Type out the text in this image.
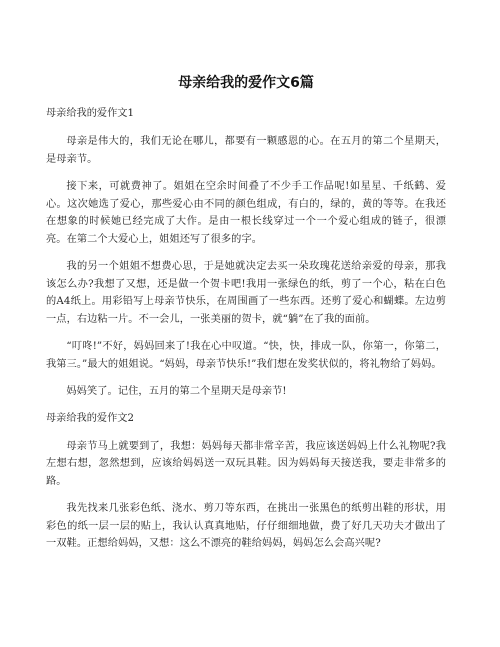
母亲给我的爱作文6篇

母亲给我的爱作文1

母亲是伟大的，我们无论在哪儿，都要有一颗感恩的心。在五月的第二个星期天，是母亲节。

接下来，可就费神了。姐姐在空余时间叠了不少手工作品呢!如星星、千纸鹤、爱心。这次她选了爱心，那些爱心由不同的颜色组成，有白的，绿的，黄的等等。在我还在想象的时候她已经完成了大作。是由一根长线穿过一个一个爱心组成的链子，很漂亮。在第二个大爱心上，姐姐还写了很多的字。

我的另一个姐姐不想费心思，于是她就决定去买一朵玫瑰花送给亲爱的母亲，那我该怎么办?我想了又想，还是做一个贺卡吧!我用一张绿色的纸，剪了一个心，粘在白色的A4纸上。用彩铅写上母亲节快乐，在周围画了一些东西。还剪了爱心和蝴蝶。左边剪一点，右边粘一片。不一会儿，一张美丽的贺卡，就“躺”在了我的面前。

“叮咚!”不好，妈妈回来了!我在心中叹道。“快，快，排成一队，你第一，你第二，我第三。”最大的姐姐说。“妈妈，母亲节快乐!”我们想在发奖状似的，将礼物给了妈妈。

妈妈笑了。记住，五月的第二个星期天是母亲节!

母亲给我的爱作文2

母亲节马上就要到了，我想：妈妈每天都非常辛苦，我应该送妈妈上什么礼物呢?我左想右想，忽然想到，应该给妈妈送一双玩具鞋。因为妈妈每天接送我，要走非常多的路。

我先找来几张彩色纸、浇水、剪刀等东西，在挑出一张黑色的纸剪出鞋的形状，用彩色的纸一层一层的贴上，我认认真真地贴，仔仔细细地做，费了好几天功夫才做出了一双鞋。正想给妈妈，又想：这么不漂亮的鞋给妈妈，妈妈怎么会高兴呢?
